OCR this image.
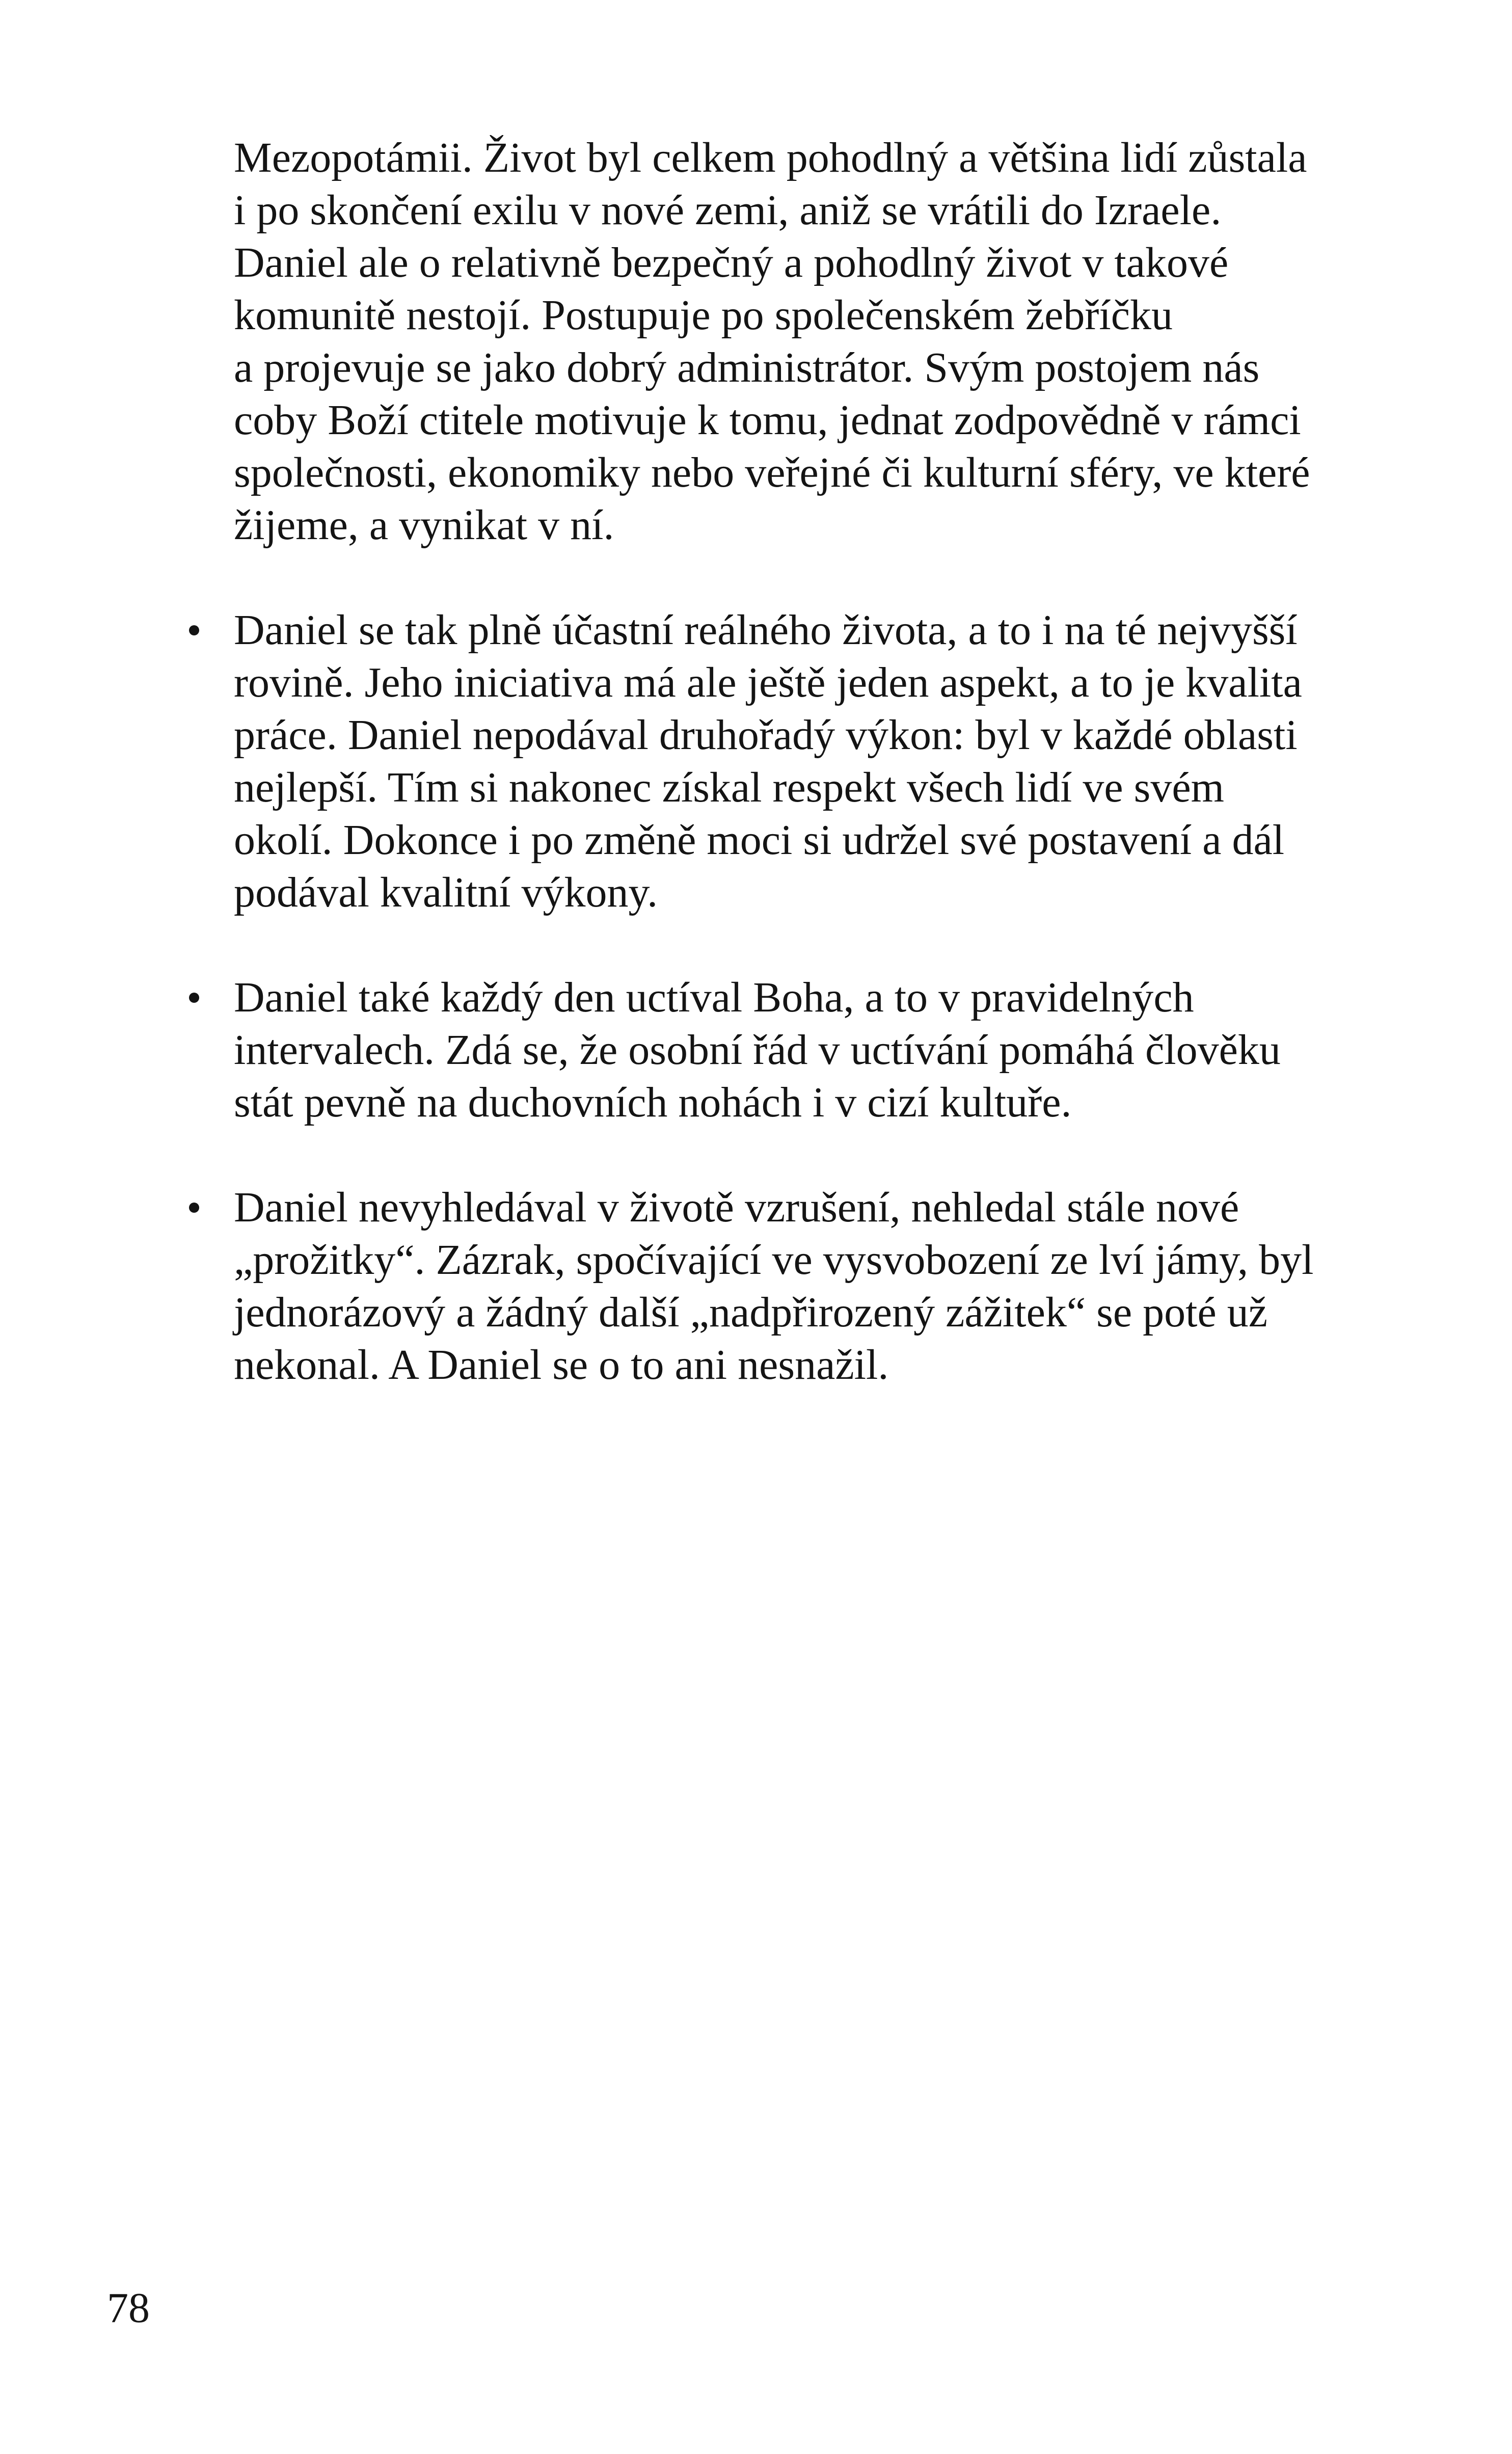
Mezopotámii. Život byl celkem pohodlný a většina lidí zůstala
i po skončení exilu v nové zemi, aniž se vrátili do Izraele.
Daniel ale o relativně bezpečný a pohodlný život v takové
komunitě nestojí. Postupuje po společenském žebříčku
a projevuje se jako dobrý administrátor. Svým postojem nás
coby Boží ctitele motivuje k tomu, jednat zodpovědně v rámci
společnosti, ekonomiky nebo veřejné či kulturní sféry, ve které
žijeme, a vynikat v ní.
Daniel se tak plně účastní reálného života, a to i na té nejvyšší
rovině. Jeho iniciativa má ale ještě jeden aspekt, a to je kvalita
práce. Daniel nepodával druhořadý výkon: byl v každé oblasti
nejlepší. Tím si nakonec získal respekt všech lidí ve svém
okolí. Dokonce i po změně moci si udržel své postavení a dál
podával kvalitní výkony.
Daniel také každý den uctíval Boha, a to v pravidelných
intervalech. Zdá se, že osobní řád v uctívání pomáhá člověku
stát pevně na duchovních nohách i v cizí kultuře.
Daniel nevyhledával v životě vzrušení, nehledal stále nové
„prožitky“. Zázrak, spočívající ve vysvobození ze lví jámy, byl
jednorázový a žádný další „nadpřirozený zážitek“ se poté už
nekonal. A Daniel se o to ani nesnažil.
78
